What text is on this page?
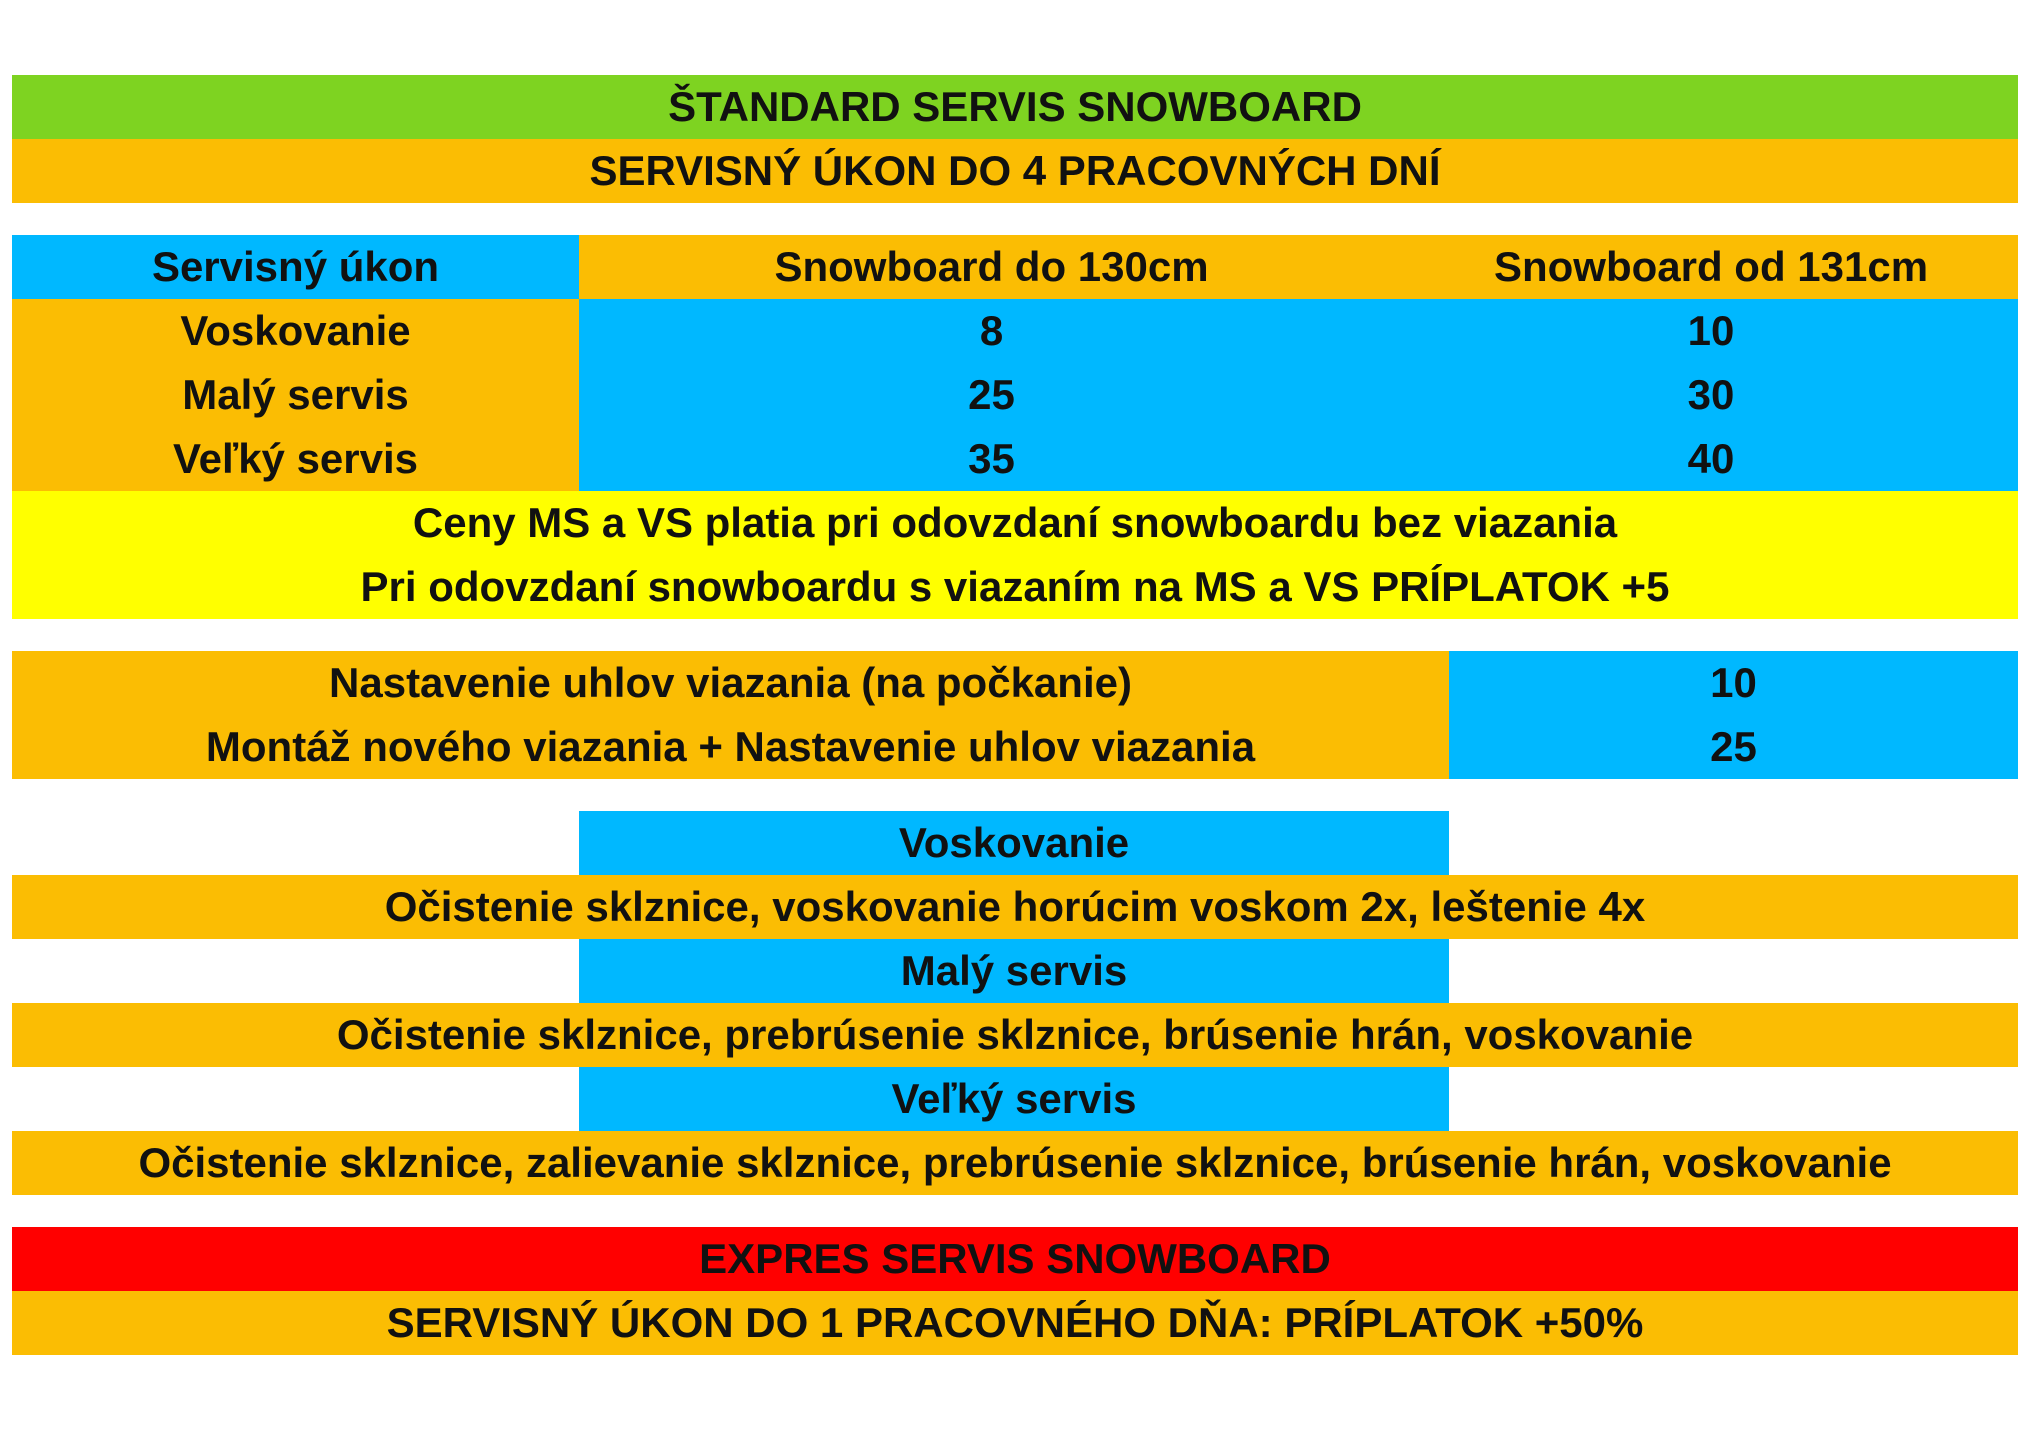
ŠTANDARD SERVIS SNOWBOARD
SERVISNÝ ÚKON DO 4 PRACOVNÝCH DNÍ
Servisný úkon	Snowboard do 130cm	Snowboard od 131cm
Voskovanie	8	10
Malý servis	25	30
Veľký servis	35	40
Ceny MS a VS platia pri odovzdaní snowboardu bez viazania
Pri odovzdaní snowboardu s viazaním na MS a VS PRÍPLATOK +5
Nastavenie uhlov viazania (na počkanie)	10
Montáž nového viazania + Nastavenie uhlov viazania	25
Voskovanie
Očistenie sklznice, voskovanie horúcim voskom 2x, leštenie 4x
Malý servis
Očistenie sklznice, prebrúsenie sklznice, brúsenie hrán, voskovanie
Veľký servis
Očistenie sklznice, zalievanie sklznice, prebrúsenie sklznice, brúsenie hrán, voskovanie
EXPRES SERVIS SNOWBOARD
SERVISNÝ ÚKON DO 1 PRACOVNÉHO DŇA: PRÍPLATOK +50%
